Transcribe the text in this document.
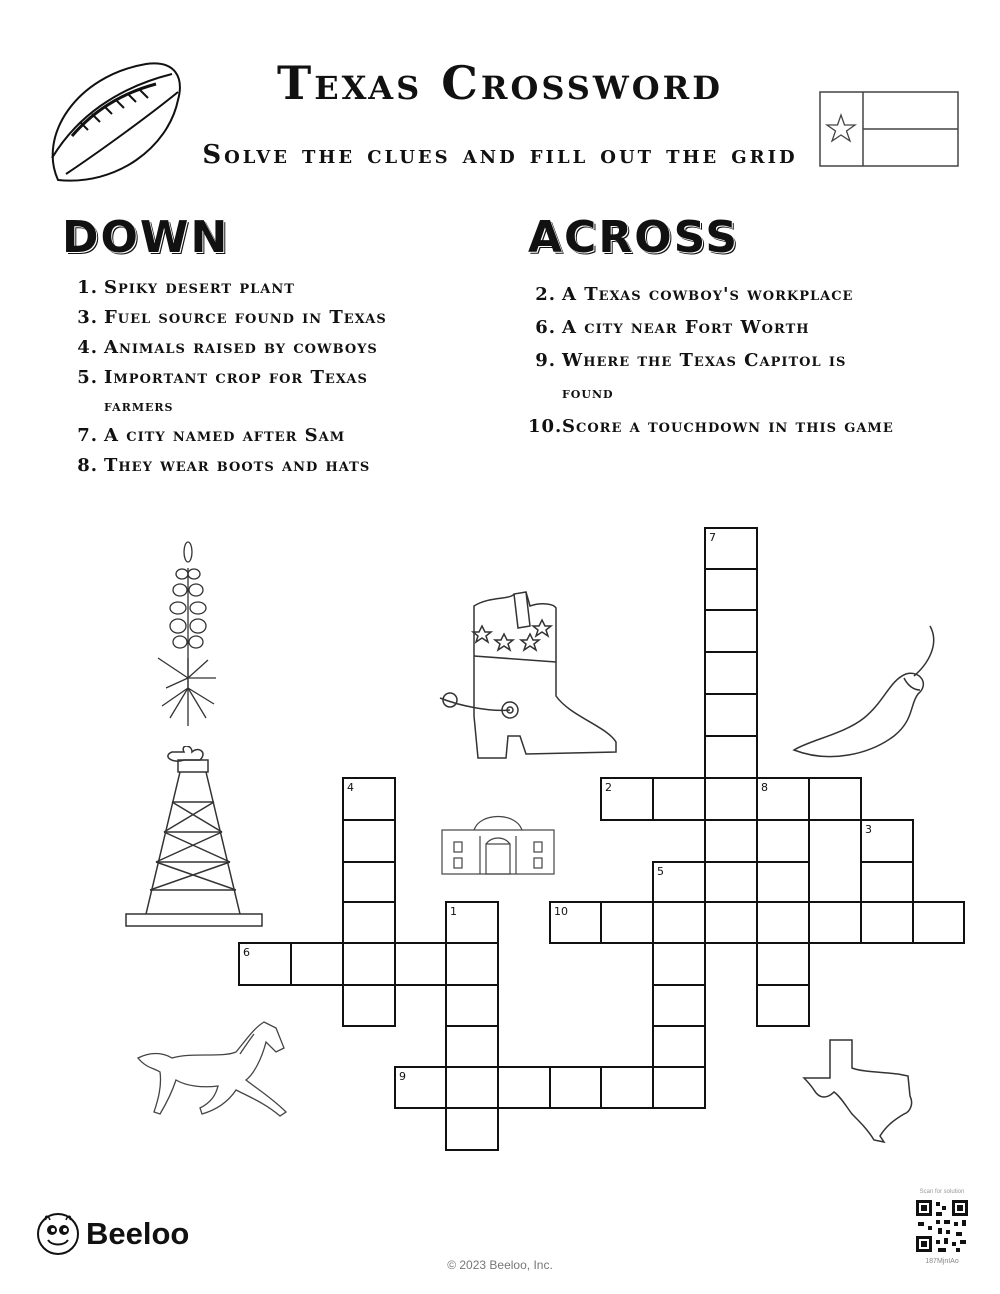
Texas Crossword
Solve the clues and fill out the grid
DOWN
1. Spiky desert plant
3. Fuel source found in Texas
4. Animals raised by cowboys
5. Important crop for Texas
farmers
7. A city named after Sam
8. They wear boots and hats
ACROSS
2. A Texas cowboy's workplace
6. A city near Fort Worth
9. Where the Texas Capitol is
found
10. Score a touchdown in this game
7
2	8
3
4
5
1	10
6
9
Beeloo
© 2023 Beeloo, Inc.
Scan for solution
187MjnIAo
